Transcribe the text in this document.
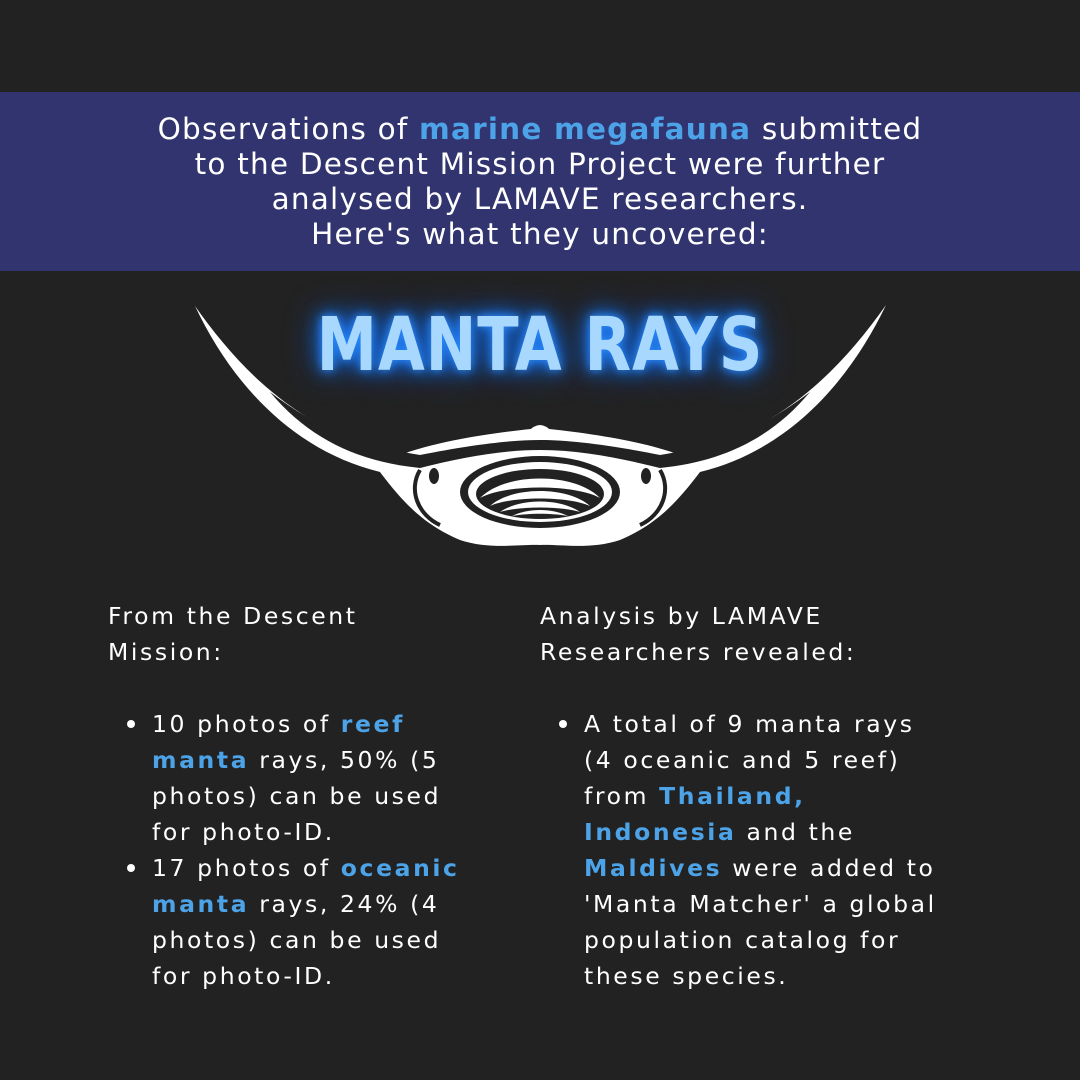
Observations of marine megafauna submitted
to the Descent Mission Project were further
analysed by LAMAVE researchers.
Here's what they uncovered:
MANTA RAYS
From the Descent
Mission:
10 photos of reef
manta rays, 50% (5
photos) can be used
for photo-ID.
17 photos of oceanic
manta rays, 24% (4
photos) can be used
for photo-ID.
Analysis by LAMAVE
Researchers revealed:
A total of 9 manta rays
(4 oceanic and 5 reef)
from Thailand,
Indonesia and the
Maldives were added to
'Manta Matcher' a global
population catalog for
these species.
